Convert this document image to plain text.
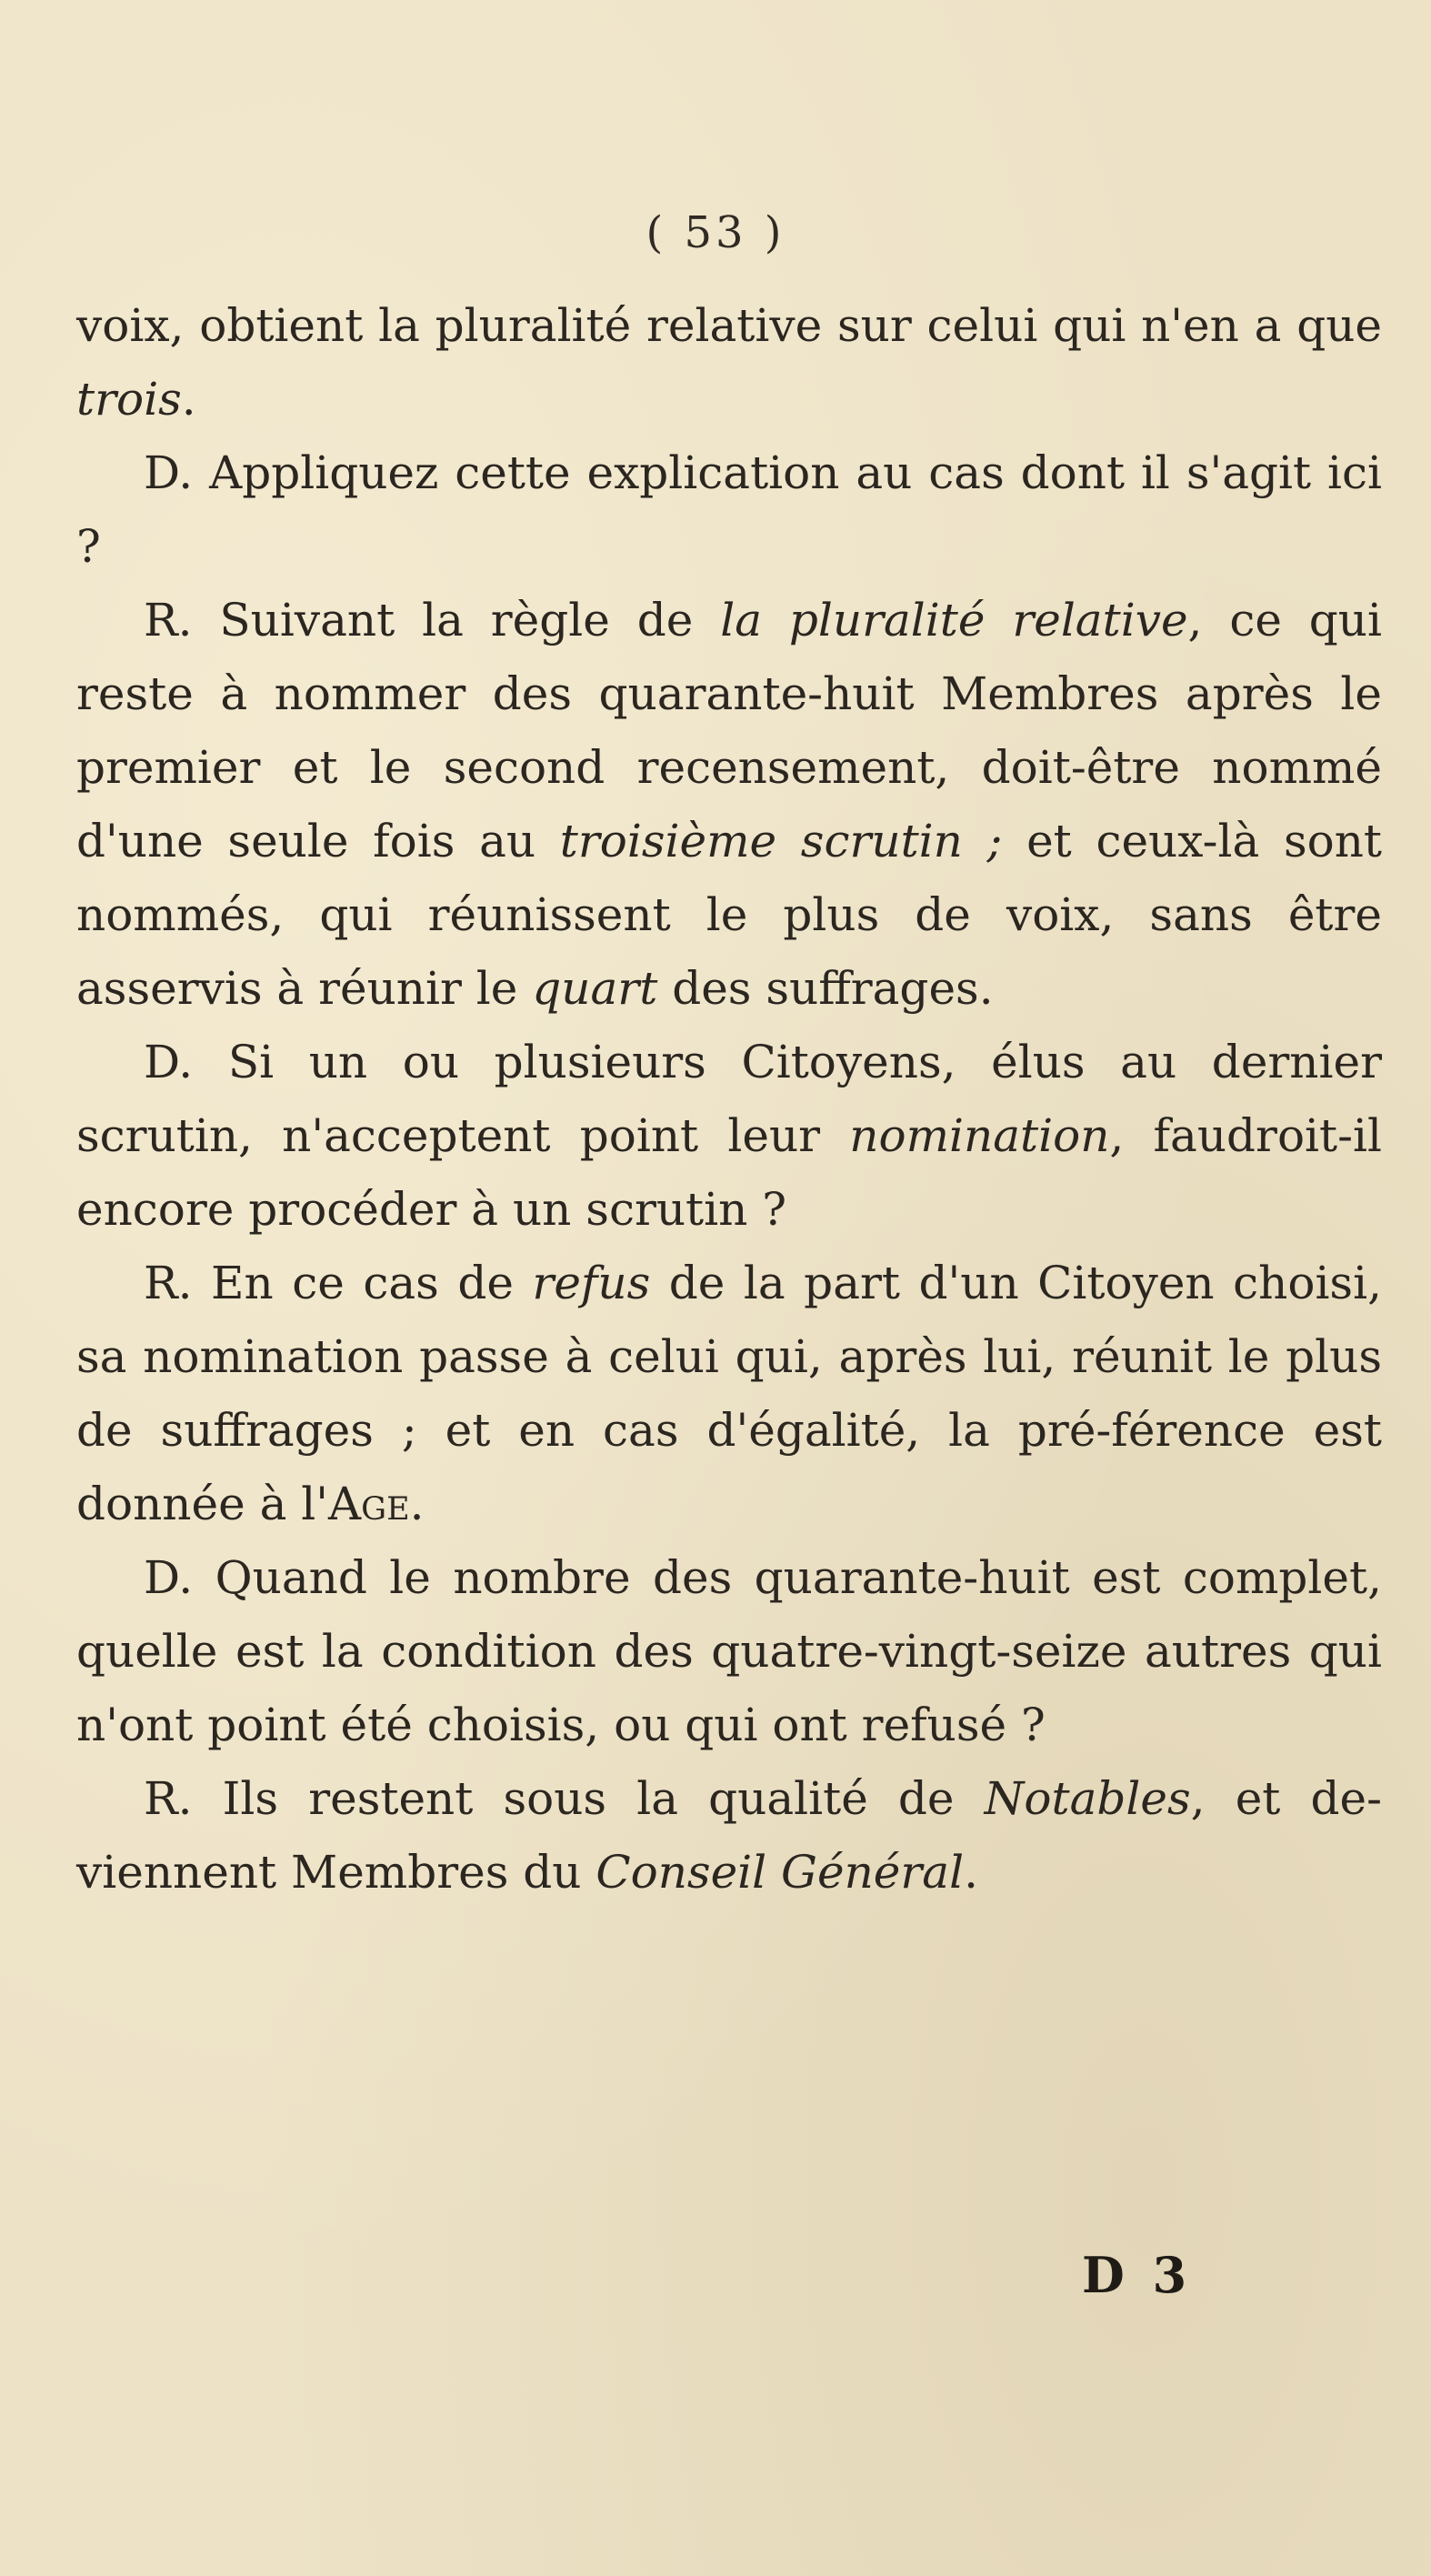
( 53 )

voix, obtient la pluralité relative sur celui qui n'en a que trois.

D. Appliquez cette explication au cas dont il s'agit ici ?

R. Suivant la règle de la pluralité relative, ce qui reste à nommer des quarante-huit Membres après le premier et le second recensement, doit-être nommé d'une seule fois au troisième scrutin ; et ceux-là sont nommés, qui réunissent le plus de voix, sans être asservis à réunir le quart des suffrages.

D. Si un ou plusieurs Citoyens, élus au dernier scrutin, n'acceptent point leur nomination, faudroit-il encore procéder à un scrutin ?

R. En ce cas de refus de la part d'un Citoyen choisi, sa nomination passe à celui qui, après lui, réunit le plus de suffrages ; et en cas d'égalité, la pré-férence est donnée à l'Age.

D. Quand le nombre des quarante-huit est complet, quelle est la condition des quatre-vingt-seize autres qui n'ont point été choisis, ou qui ont refusé ?

R. Ils restent sous la qualité de Notables, et de-viennent Membres du Conseil Général.

D 3
